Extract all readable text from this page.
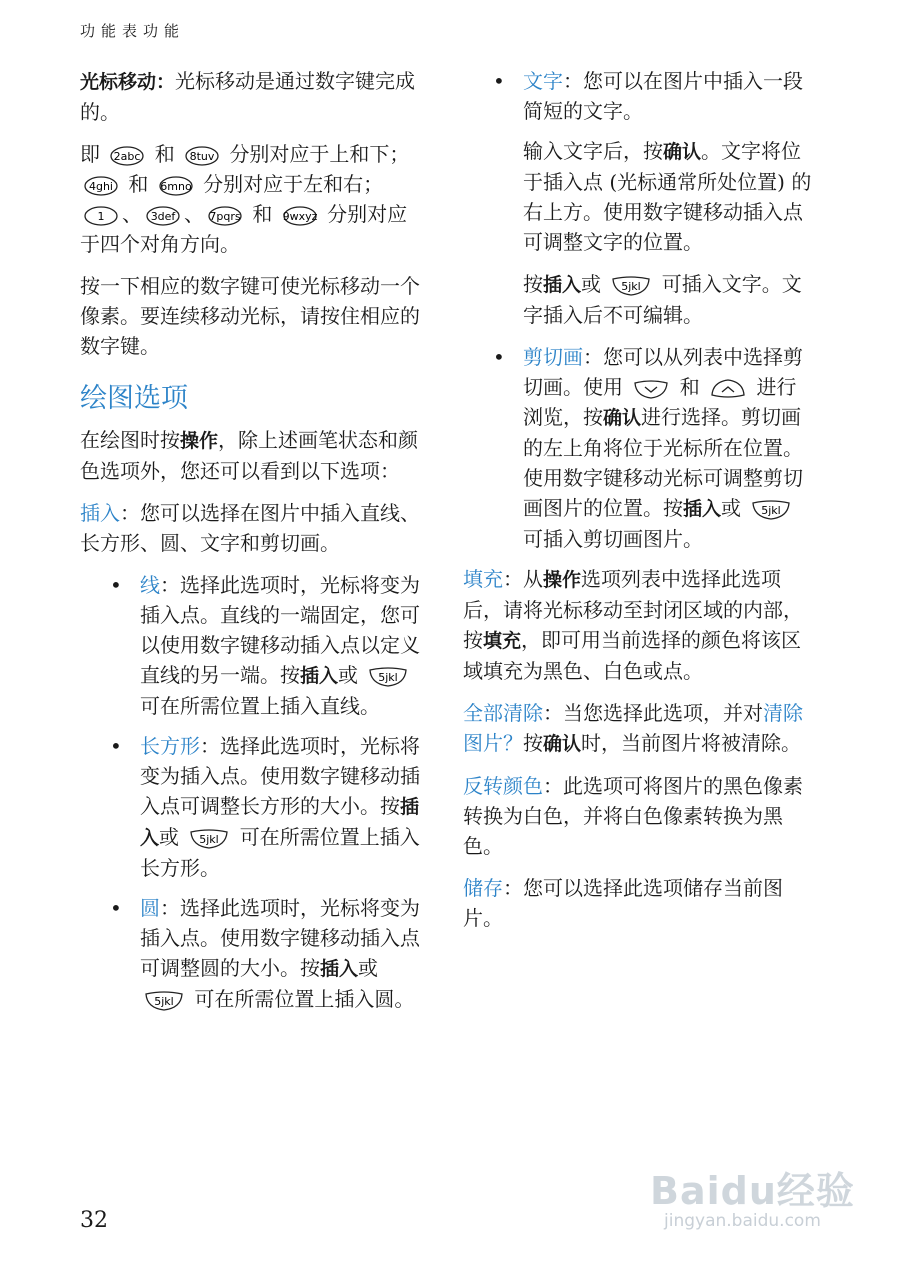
功能表功能

光标移动：光标移动是通过数字键完成的。

即 2abc 和 8tuv 分别对应于上和下；
4ghi 和 6mno 分别对应于左和右；
1 、 3def 、 7pqrs 和 9wxyz 分别对应于四个对角方向。

按一下相应的数字键可使光标移动一个像素。要连续移动光标，请按住相应的数字键。

绘图选项

在绘图时按操作，除上述画笔状态和颜色选项外，您还可以看到以下选项：

插入：您可以选择在图片中插入直线、长方形、圆、文字和剪切画。

• 线：选择此选项时，光标将变为插入点。直线的一端固定，您可以使用数字键移动插入点以定义直线的另一端。按插入或 5jkl
可在所需位置上插入直线。
• 长方形：选择此选项时，光标将变为插入点。使用数字键移动插入点可调整长方形的大小。按插入或 5jkl 可在所需位置上插入长方形。
• 圆：选择此选项时，光标将变为插入点。使用数字键移动插入点可调整圆的大小。按插入或
5jkl 可在所需位置上插入圆。
• 文字：您可以在图片中插入一段简短的文字。

输入文字后，按确认。文字将位于插入点 (光标通常所处位置) 的右上方。使用数字键移动插入点可调整文字的位置。

按插入或 5jkl 可插入文字。文字插入后不可编辑。

• 剪切画：您可以从列表中选择剪切画。使用	和	进行浏览，按确认进行选择。剪切画的左上角将位于光标所在位置。使用数字键移动光标可调整剪切画图片的位置。按插入或 5jkl
可插入剪切画图片。

填充：从操作选项列表中选择此选项后，请将光标移动至封闭区域的内部，按填充，即可用当前选择的颜色将该区域填充为黑色、白色或点。

全部清除：当您选择此选项，并对清除图片？按确认时，当前图片将被清除。

反转颜色：此选项可将图片的黑色像素转换为白色，并将白色像素转换为黑色。

储存：您可以选择此选项储存当前图片。

32
Baidu经验
jingyan.baidu.com
